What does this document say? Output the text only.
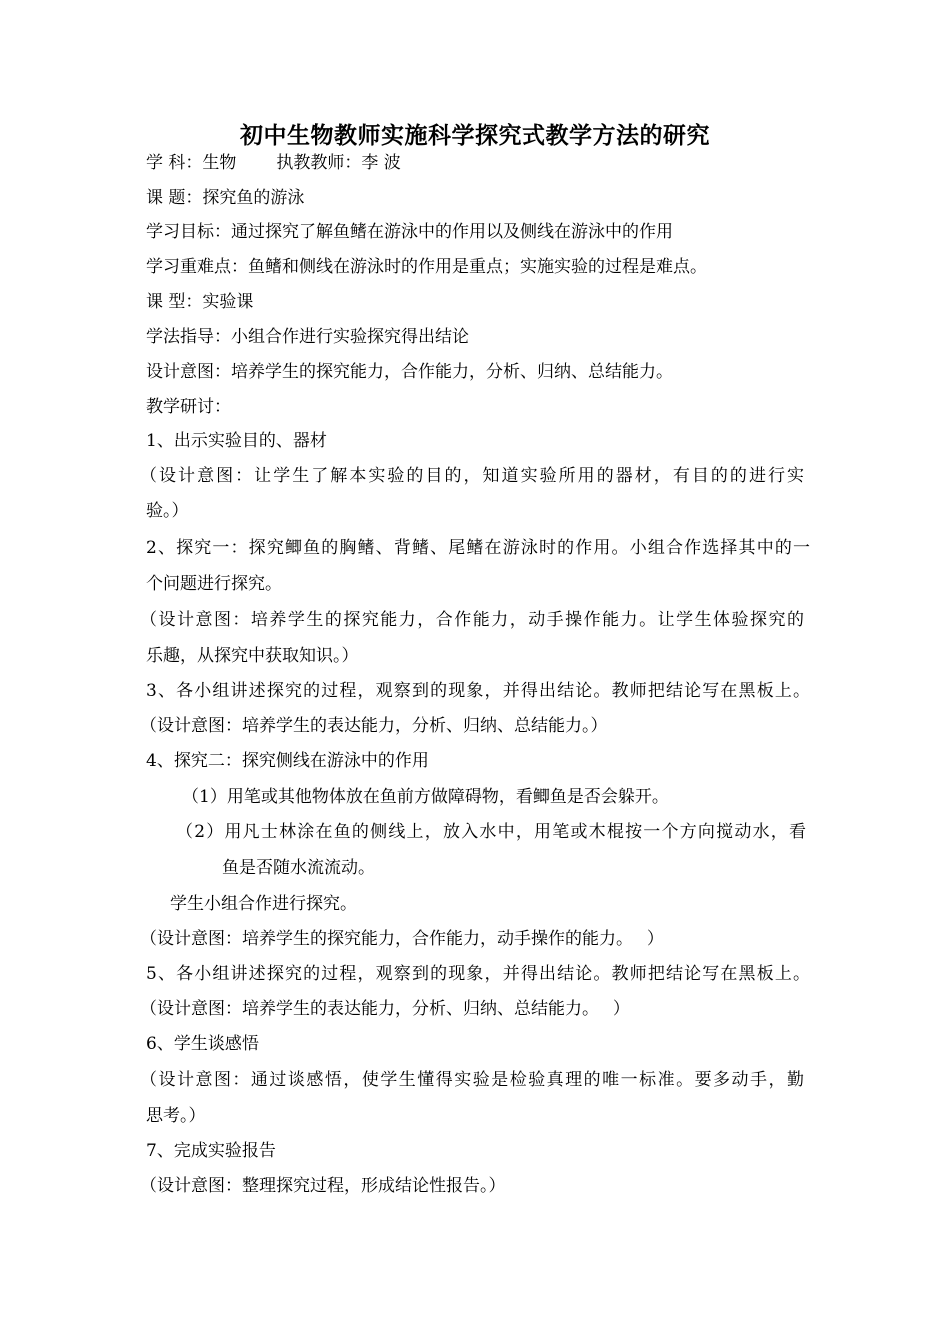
初中生物教师实施科学探究式教学方法的研究
学 科：生物 执教教师：李 波
课 题：探究鱼的游泳
学习目标：通过探究了解鱼鳍在游泳中的作用以及侧线在游泳中的作用
学习重难点：鱼鳍和侧线在游泳时的作用是重点；实施实验的过程是难点。
课 型：实验课
学法指导：小组合作进行实验探究得出结论
设计意图：培养学生的探究能力，合作能力，分析、归纳、总结能力。
教学研讨：
1、出示实验目的、器材
（设计意图：让学生了解本实验的目的，知道实验所用的器材，有目的的进行实
验。）
2、探究一：探究鲫鱼的胸鳍、背鳍、尾鳍在游泳时的作用。小组合作选择其中的一
个问题进行探究。
（设计意图：培养学生的探究能力，合作能力，动手操作能力。让学生体验探究的
乐趣，从探究中获取知识。）
3、各小组讲述探究的过程，观察到的现象，并得出结论。教师把结论写在黑板上。
（设计意图：培养学生的表达能力，分析、归纳、总结能力。）
4、探究二：探究侧线在游泳中的作用
（1）用笔或其他物体放在鱼前方做障碍物，看鲫鱼是否会躲开。
（2）用凡士林涂在鱼的侧线上，放入水中，用笔或木棍按一个方向搅动水，看
鱼是否随水流流动。
学生小组合作进行探究。
（设计意图：培养学生的探究能力，合作能力，动手操作的能力。　 ）
5、各小组讲述探究的过程，观察到的现象，并得出结论。教师把结论写在黑板上。
（设计意图：培养学生的表达能力，分析、归纳、总结能力。　 ）
6、学生谈感悟
（设计意图：通过谈感悟，使学生懂得实验是检验真理的唯一标准。要多动手，勤
思考。）
7、完成实验报告
（设计意图：整理探究过程，形成结论性报告。）
